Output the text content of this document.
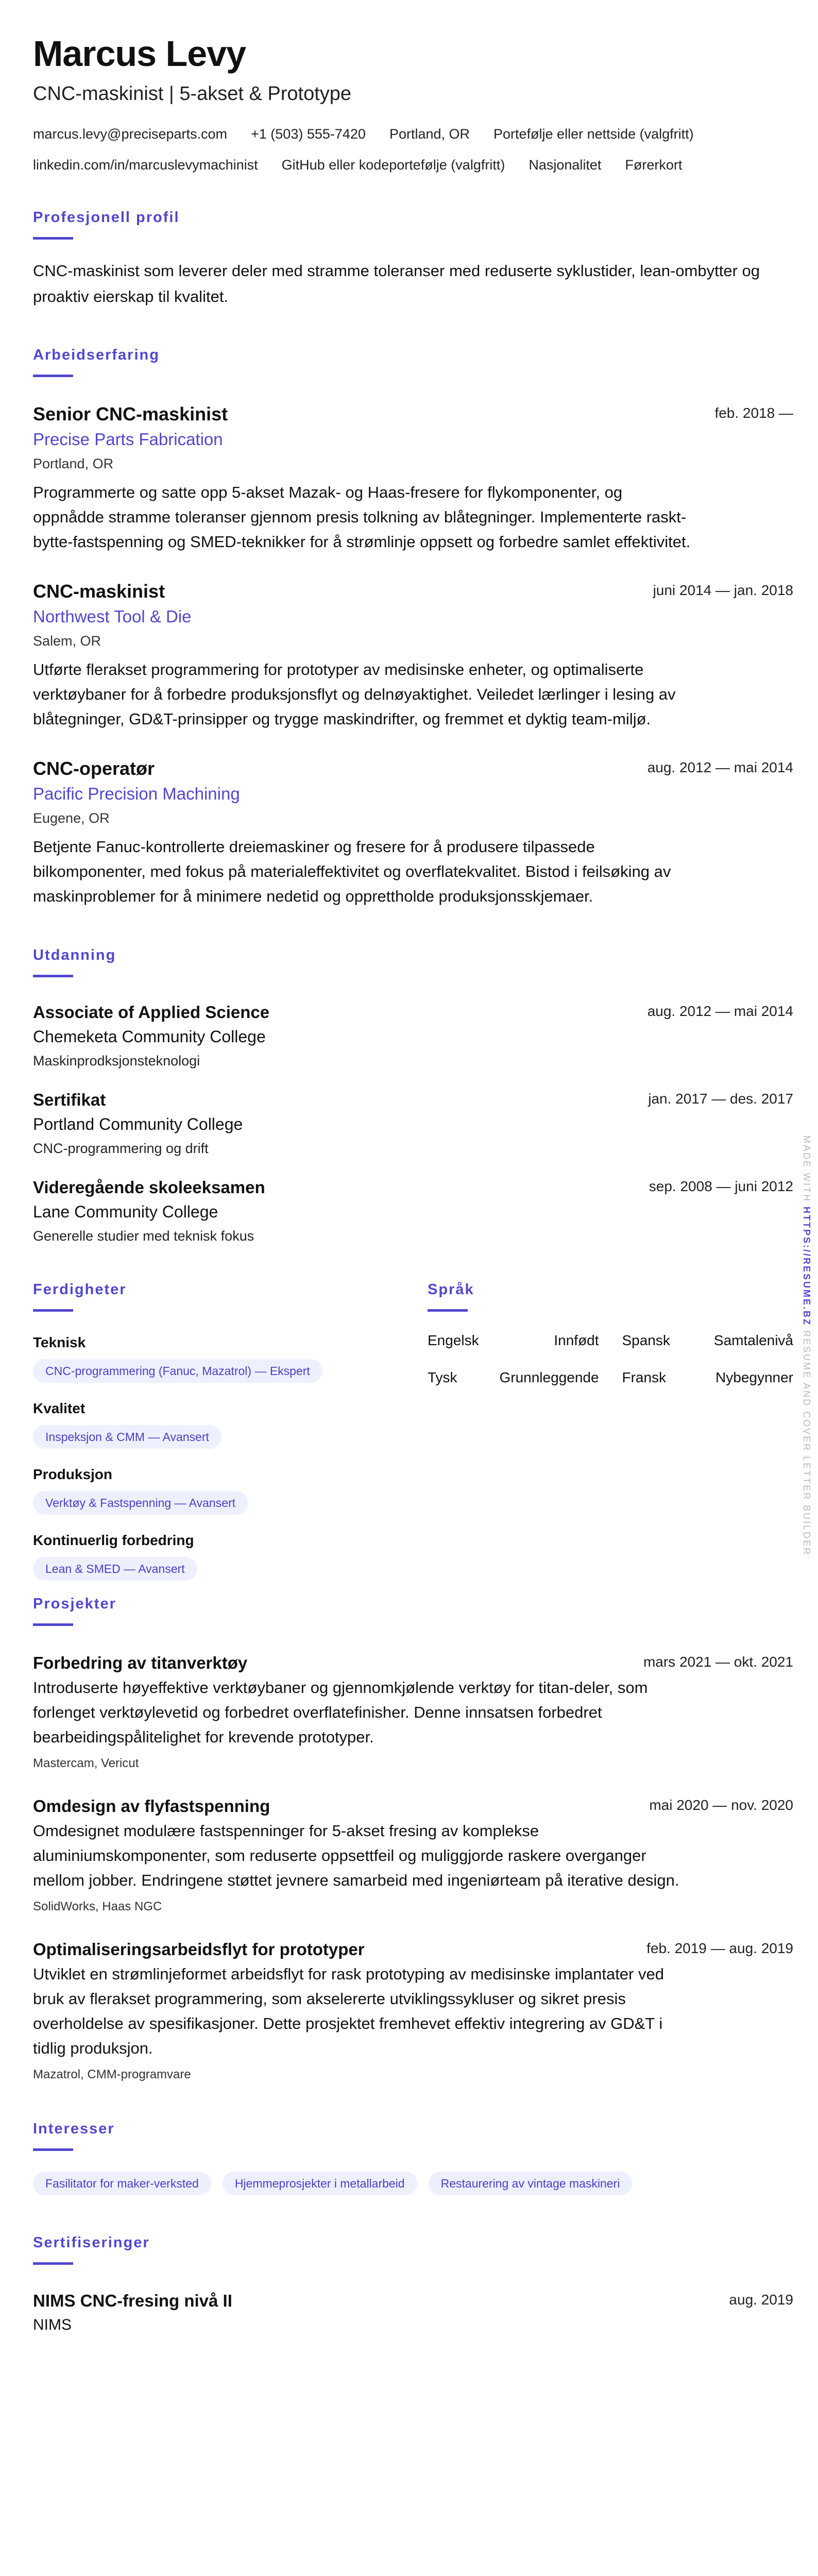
Marcus Levy
CNC-maskinist | 5-akset & Prototype
marcus.levy@preciseparts.com +1 (503) 555-7420 Portland, OR Portefølje eller nettside (valgfritt)
linkedin.com/in/marcuslevymachinist GitHub eller kodeportefølje (valgfritt) Nasjonalitet Førerkort
Profesjonell profil
CNC-maskinist som leverer deler med stramme toleranser med reduserte syklustider, lean-ombytter og proaktiv eierskap til kvalitet.
Arbeidserfaring
Senior CNC-maskinist	feb. 2018 —
Precise Parts Fabrication
Portland, OR
Programmerte og satte opp 5-akset Mazak- og Haas-fresere for flykomponenter, og oppnådde stramme toleranser gjennom presis tolkning av blåtegninger. Implementerte raskt-bytte-fastspenning og SMED-teknikker for å strømlinje oppsett og forbedre samlet effektivitet.
CNC-maskinist	juni 2014 — jan. 2018
Northwest Tool & Die
Salem, OR
Utførte flerakset programmering for prototyper av medisinske enheter, og optimaliserte verktøybaner for å forbedre produksjonsflyt og delnøyaktighet. Veiledet lærlinger i lesing av blåtegninger, GD&T-prinsipper og trygge maskindrifter, og fremmet et dyktig team-miljø.
CNC-operatør	aug. 2012 — mai 2014
Pacific Precision Machining
Eugene, OR
Betjente Fanuc-kontrollerte dreiemaskiner og fresere for å produsere tilpassede bilkomponenter, med fokus på materialeffektivitet og overflatekvalitet. Bistod i feilsøking av maskinproblemer for å minimere nedetid og opprettholde produksjonsskjemaer.
Utdanning
Associate of Applied Science	aug. 2012 — mai 2014
Chemeketa Community College
Maskinprodksjonsteknologi
Sertifikat	jan. 2017 — des. 2017
Portland Community College
CNC-programmering og drift
Videregående skoleeksamen	sep. 2008 — juni 2012
Lane Community College
Generelle studier med teknisk fokus
Ferdigheter
Teknisk
CNC-programmering (Fanuc, Mazatrol) — Ekspert
Kvalitet
Inspeksjon & CMM — Avansert
Produksjon
Verktøy & Fastspenning — Avansert
Kontinuerlig forbedring
Lean & SMED — Avansert
Språk
Engelsk	Innfødt Spansk	Samtalenivå
Tysk	Grunnleggende Fransk	Nybegynner
Prosjekter
Forbedring av titanverktøy	mars 2021 — okt. 2021
Introduserte høyeffektive verktøybaner og gjennomkjølende verktøy for titan-deler, som forlenget verktøylevetid og forbedret overflatefinisher. Denne innsatsen forbedret bearbeidingspålitelighet for krevende prototyper.
Mastercam, Vericut
Omdesign av flyfastspenning	mai 2020 — nov. 2020
Omdesignet modulære fastspenninger for 5-akset fresing av komplekse aluminiumskomponenter, som reduserte oppsettfeil og muliggjorde raskere overganger mellom jobber. Endringene støttet jevnere samarbeid med ingeniørteam på iterative design.
SolidWorks, Haas NGC
Optimaliseringsarbeidsflyt for prototyper	feb. 2019 — aug. 2019
Utviklet en strømlinjeformet arbeidsflyt for rask prototyping av medisinske implantater ved bruk av flerakset programmering, som akselererte utviklingssykluser og sikret presis overholdelse av spesifikasjoner. Dette prosjektet fremhevet effektiv integrering av GD&T i tidlig produksjon.
Mazatrol, CMM-programvare
Interesser
Fasilitator for maker-verksted	Hjemmeprosjekter i metallarbeid	Restaurering av vintage maskineri
Sertifiseringer
NIMS CNC-fresing nivå II	aug. 2019
NIMS
MADE WITH HTTPS://RESUME.BZ RESUME AND COVER LETTER BUILDER
